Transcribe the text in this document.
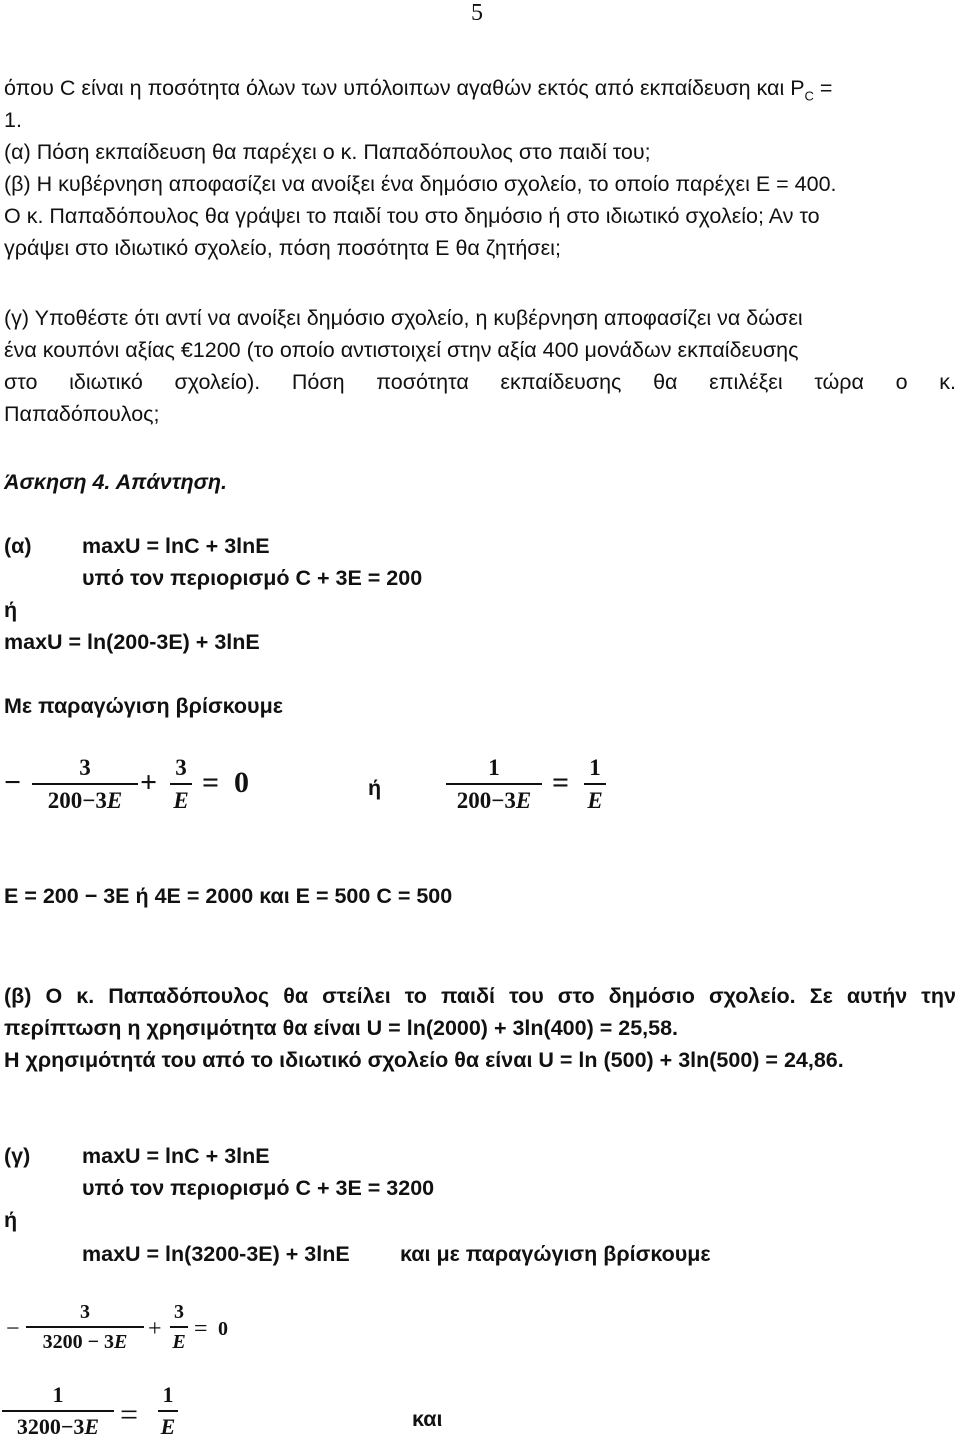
5
όπου C είναι η ποσότητα όλων των υπόλοιπων αγαθών εκτός από εκπαίδευση και $P_C$ =
1.
(α) Πόση εκπαίδευση θα παρέχει ο κ. Παπαδόπουλος στο παιδί του;
(β) Η κυβέρνηση αποφασίζει να ανοίξει ένα δημόσιο σχολείο, το οποίο παρέχει Ε = 400.
Ο κ. Παπαδόπουλος θα γράψει το παιδί του στο δημόσιο ή στο ιδιωτικό σχολείο; Αν το
γράψει στο ιδιωτικό σχολείο, πόση ποσότητα Ε θα ζητήσει;
(γ) Υποθέστε ότι αντί να ανοίξει δημόσιο σχολείο, η κυβέρνηση αποφασίζει να δώσει
ένα κουπόνι αξίας €1200 (το οποίο αντιστοιχεί στην αξία 400 μονάδων εκπαίδευσης
στο ιδιωτικό σχολείο). Πόση ποσότητα εκπαίδευσης θα επιλέξει τώρα ο κ.
Παπαδόπουλος;
Άσκηση 4. Απάντηση.
(α) maxU = lnC + 3lnE
υπό τον περιορισμό C + 3E = 200
ή
maxU = ln(200-3E) + 3lnE
Με παραγώγιση βρίσκουμε
−	3
200−3E
+ 3
E
= 0	ή
1
200−3E
= 1
E
E = 200 − 3E ή 4E = 2000 και E = 500 C = 500
(β) Ο κ. Παπαδόπουλος θα στείλει το παιδί του στο δημόσιο σχολείο. Σε αυτήν την
περίπτωση η χρησιμότητα θα είναι U = ln(2000) + 3ln(400) = 25,58.
Η χρησιμότητά του από το ιδιωτικό σχολείο θα είναι U = ln (500) + 3ln(500) = 24,86.
(γ) maxU = lnC + 3lnE
υπό τον περιορισμό C + 3E = 3200
ή
maxU = ln(3200-3E) + 3lnE και με παραγώγιση βρίσκουμε
−
3
3200 − 3E +
3
E = 0
1
3200−3E =
1
E	και
